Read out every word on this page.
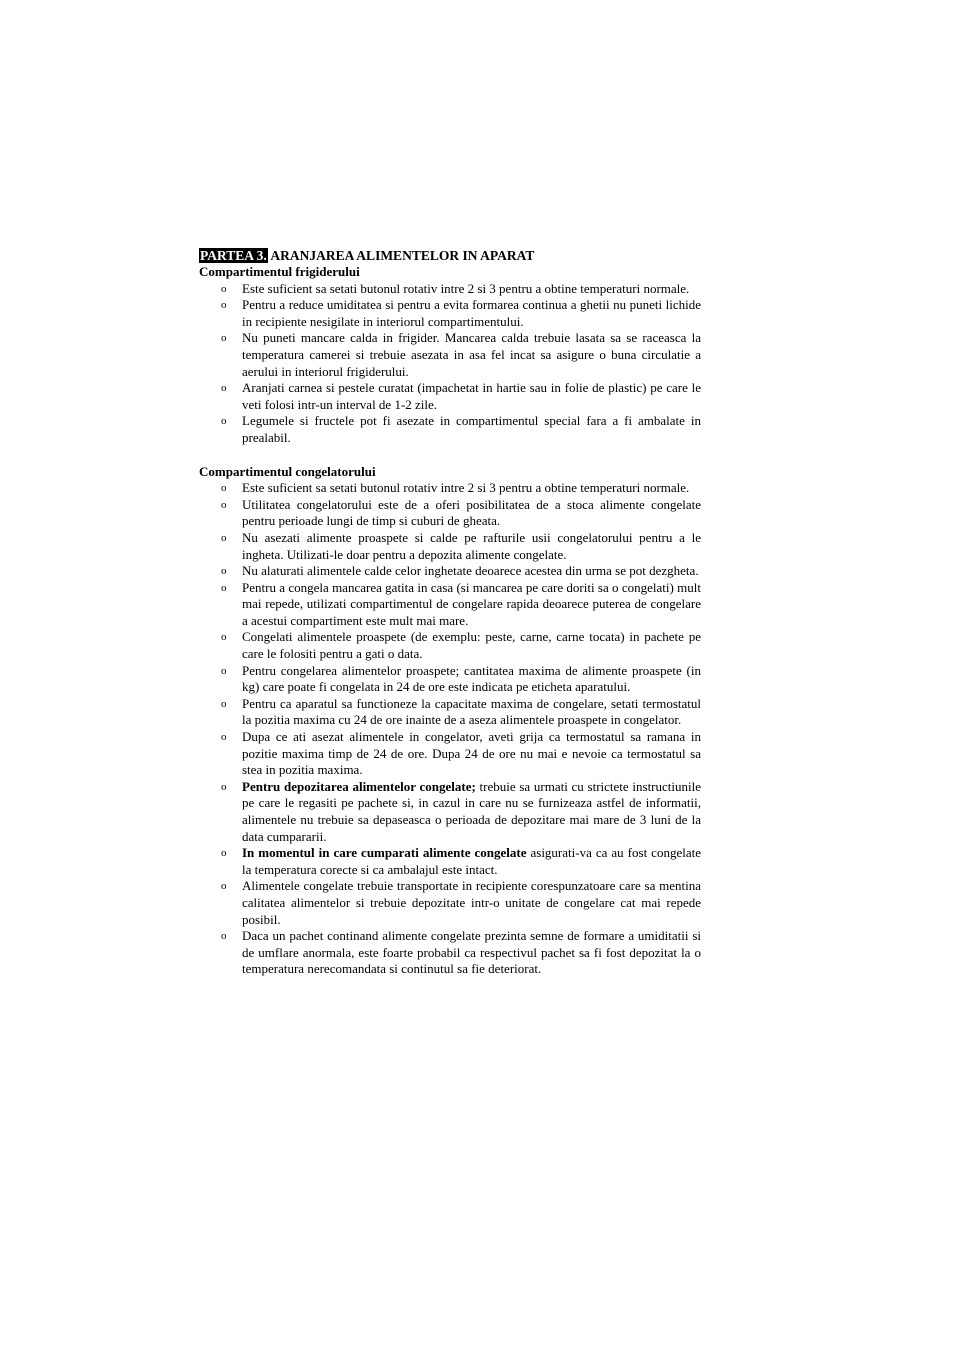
PARTEA 3. ARANJAREA ALIMENTELOR IN APARAT
Compartimentul frigiderului
o Este suficient sa setati butonul rotativ intre 2 si 3 pentru a obtine temperaturi normale.
o Pentru a reduce umiditatea si pentru a evita formarea continua a ghetii nu puneti lichide in recipiente nesigilate in interiorul compartimentului.
o Nu puneti mancare calda in frigider. Mancarea calda trebuie lasata sa se raceasca la temperatura camerei si trebuie asezata in asa fel incat sa asigure o buna circulatie a aerului in interiorul frigiderului.
o Aranjati carnea si pestele curatat (impachetat in hartie sau in folie de plastic) pe care le veti folosi intr-un interval de 1-2 zile.
o Legumele si fructele pot fi asezate in compartimentul special fara a fi ambalate in prealabil.
Compartimentul congelatorului
o Este suficient sa setati butonul rotativ intre 2 si 3 pentru a obtine temperaturi normale.
o Utilitatea congelatorului este de a oferi posibilitatea de a stoca alimente congelate pentru perioade lungi de timp si cuburi de gheata.
o Nu asezati alimente proaspete si calde pe rafturile usii congelatorului pentru a le ingheta. Utilizati-le doar pentru a depozita alimente congelate.
o Nu alaturati alimentele calde celor inghetate deoarece acestea din urma se pot dezgheta.
o Pentru a congela mancarea gatita in casa (si mancarea pe care doriti sa o congelati) mult mai repede, utilizati compartimentul de congelare rapida deoarece puterea de congelare a acestui compartiment este mult mai mare.
o Congelati alimentele proaspete (de exemplu: peste, carne, carne tocata) in pachete pe care le folositi pentru a gati o data.
o Pentru congelarea alimentelor proaspete; cantitatea maxima de alimente proaspete (in kg) care poate fi congelata in 24 de ore este indicata pe eticheta aparatului.
o Pentru ca aparatul sa functioneze la capacitate maxima de congelare, setati termostatul la pozitia maxima cu 24 de ore inainte de a aseza alimentele proaspete in congelator.
o Dupa ce ati asezat alimentele in congelator, aveti grija ca termostatul sa ramana in pozitie maxima timp de 24 de ore. Dupa 24 de ore nu mai e nevoie ca termostatul sa stea in pozitia maxima.
o Pentru depozitarea alimentelor congelate; trebuie sa urmati cu strictete instructiunile pe care le regasiti pe pachete si, in cazul in care nu se furnizeaza astfel de informatii, alimentele nu trebuie sa depaseasca o perioada de depozitare mai mare de 3 luni de la data cumpararii.
o In momentul in care cumparati alimente congelate asigurati-va ca au fost congelate la temperatura corecte si ca ambalajul este intact.
o Alimentele congelate trebuie transportate in recipiente corespunzatoare care sa mentina calitatea alimentelor si trebuie depozitate intr-o unitate de congelare cat mai repede posibil.
o Daca un pachet continand alimente congelate prezinta semne de formare a umiditatii si de umflare anormala, este foarte probabil ca respectivul pachet sa fi fost depozitat la o temperatura nerecomandata si continutul sa fie deteriorat.
